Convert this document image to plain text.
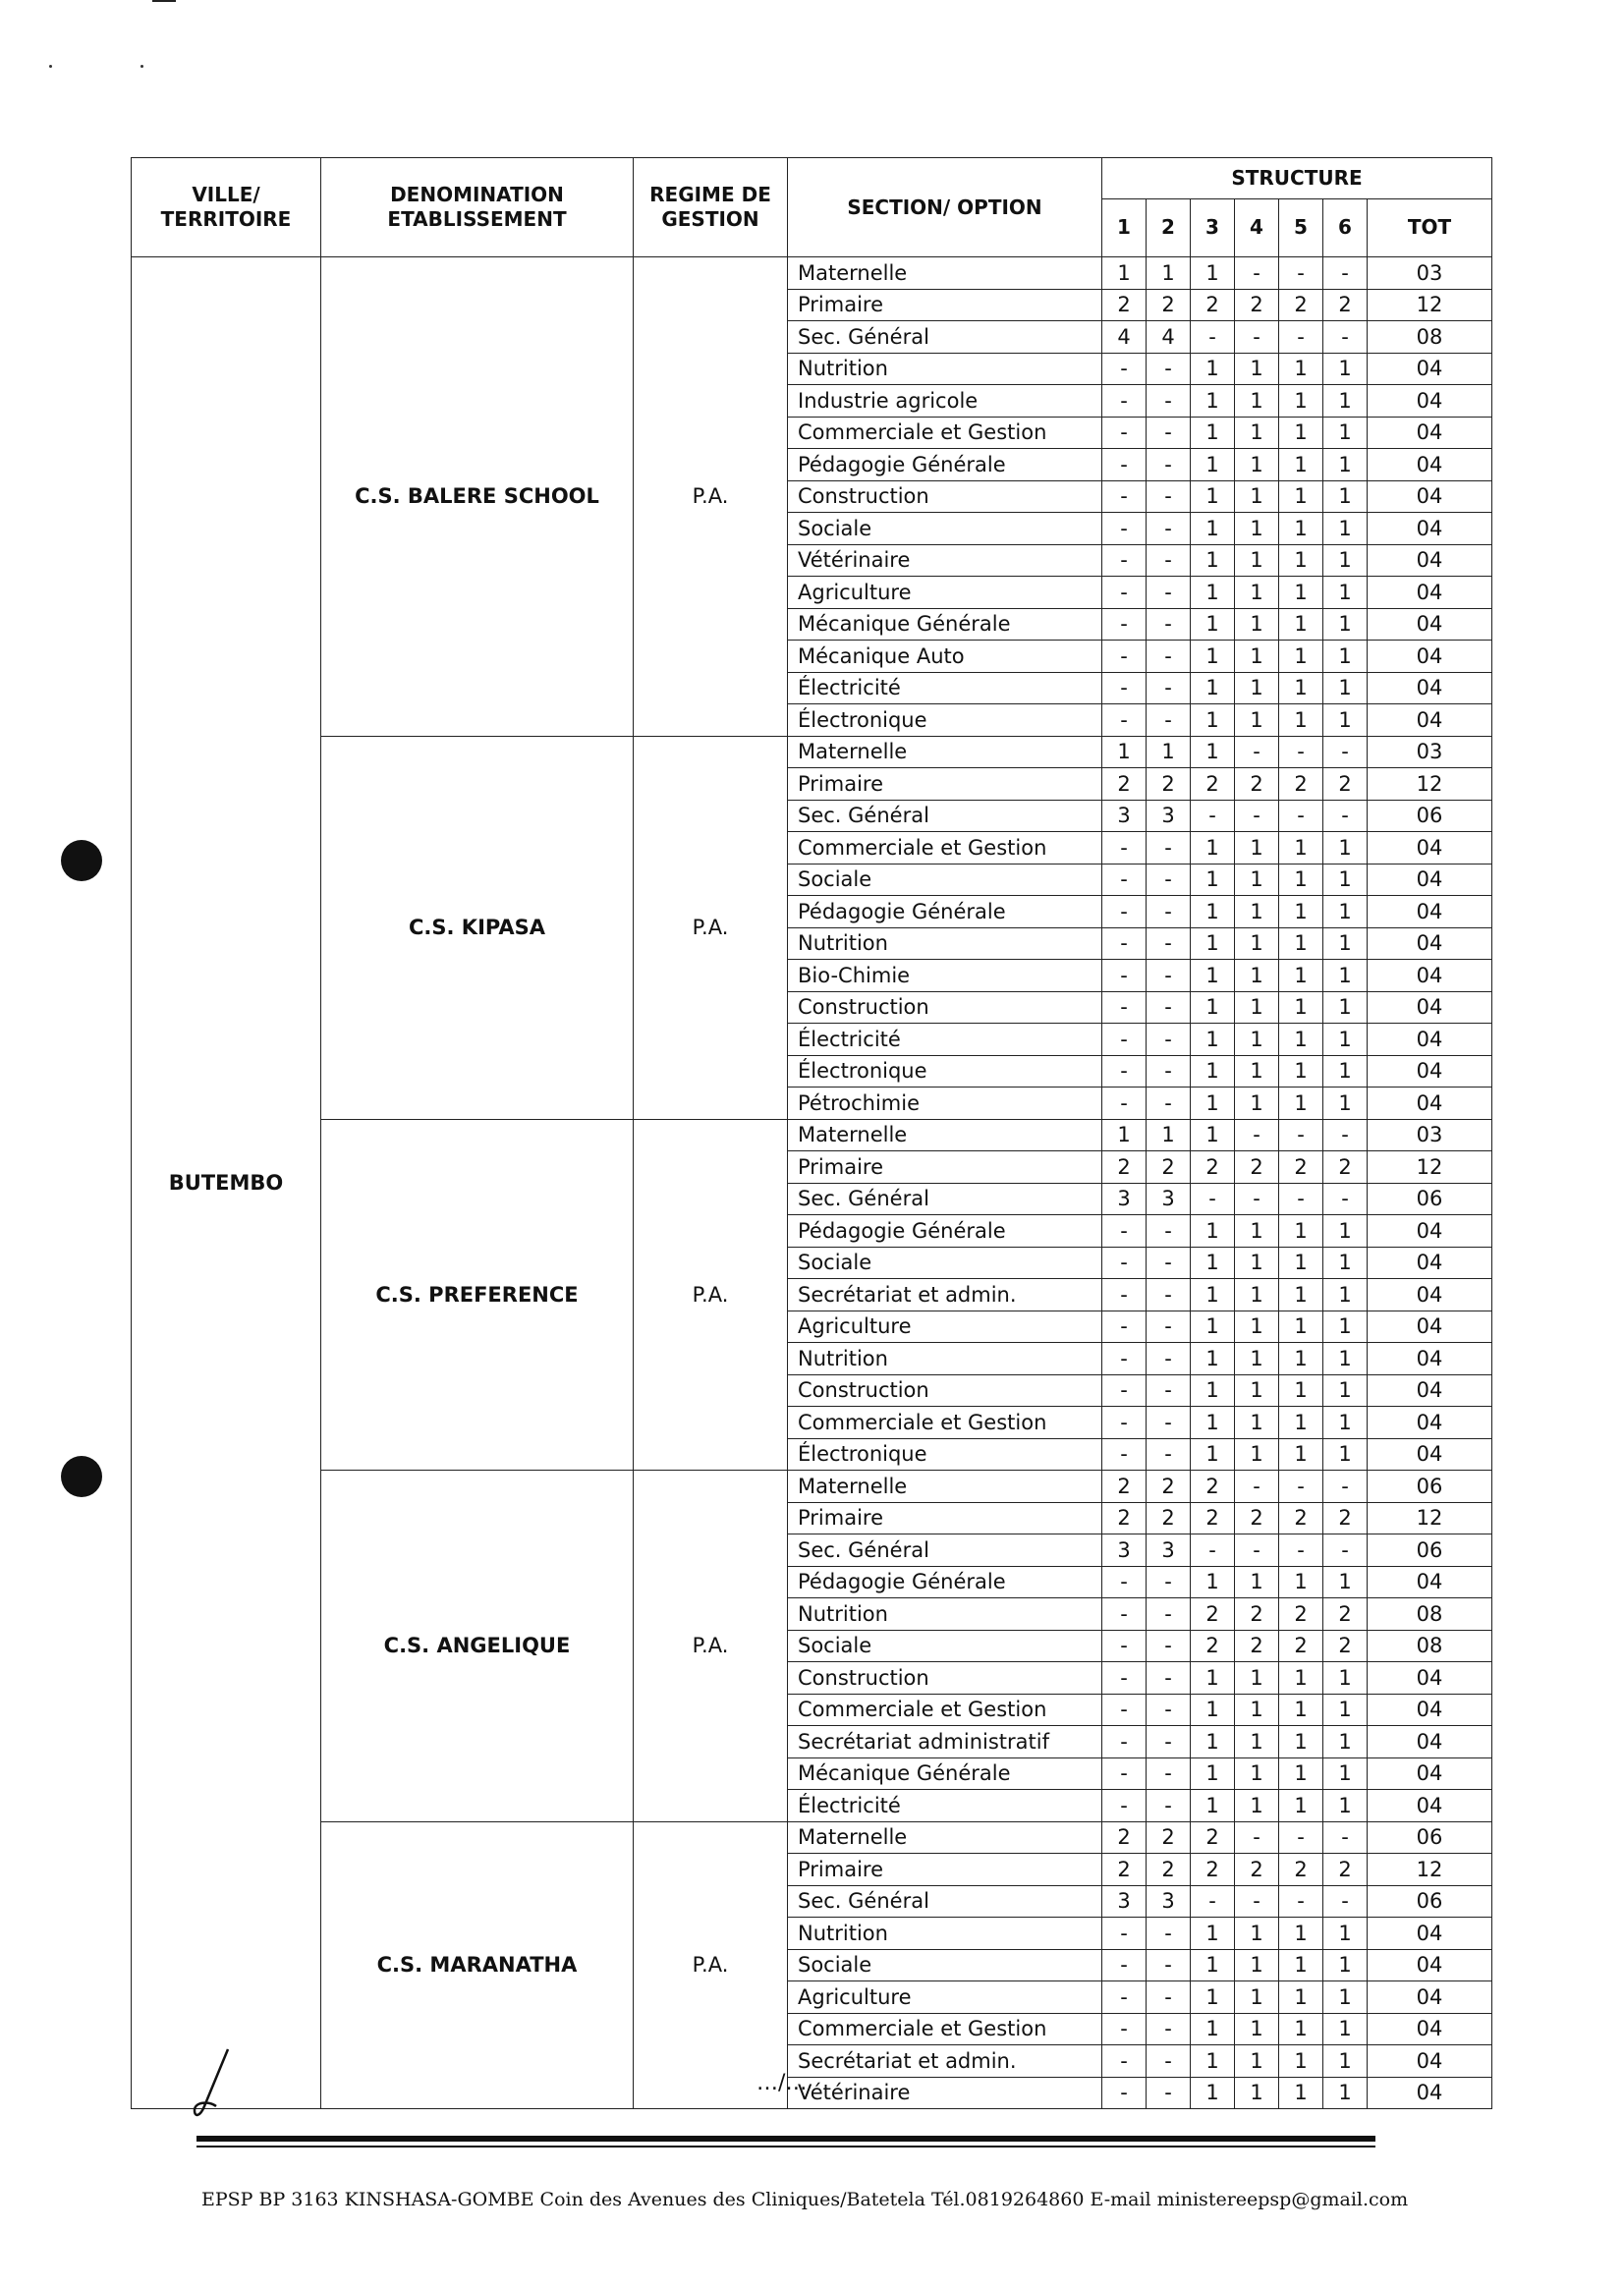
VILLE/ TERRITOIRE	DENOMINATION ETABLISSEMENT	REGIME DE GESTION	SECTION/ OPTION	STRUCTURE						
				1	2	3	4	5	6	TOT
BUTEMBO	C.S. BALERE SCHOOL	P.A.	Maternelle	1	1	1	-	-	-	03
			Primaire	2	2	2	2	2	2	12
			Sec. Général	4	4	-	-	-	-	08
			Nutrition	-	-	1	1	1	1	04
			Industrie agricole	-	-	1	1	1	1	04
			Commerciale et Gestion	-	-	1	1	1	1	04
			Pédagogie Générale	-	-	1	1	1	1	04
			Construction	-	-	1	1	1	1	04
			Sociale	-	-	1	1	1	1	04
			Vétérinaire	-	-	1	1	1	1	04
			Agriculture	-	-	1	1	1	1	04
			Mécanique Générale	-	-	1	1	1	1	04
			Mécanique Auto	-	-	1	1	1	1	04
			Électricité	-	-	1	1	1	1	04
			Électronique	-	-	1	1	1	1	04
	C.S. KIPASA	P.A.	Maternelle	1	1	1	-	-	-	03
			Primaire	2	2	2	2	2	2	12
			Sec. Général	3	3	-	-	-	-	06
			Commerciale et Gestion	-	-	1	1	1	1	04
			Sociale	-	-	1	1	1	1	04
			Pédagogie Générale	-	-	1	1	1	1	04
			Nutrition	-	-	1	1	1	1	04
			Bio-Chimie	-	-	1	1	1	1	04
			Construction	-	-	1	1	1	1	04
			Électricité	-	-	1	1	1	1	04
			Électronique	-	-	1	1	1	1	04
			Pétrochimie	-	-	1	1	1	1	04
	C.S. PREFERENCE	P.A.	Maternelle	1	1	1	-	-	-	03
			Primaire	2	2	2	2	2	2	12
			Sec. Général	3	3	-	-	-	-	06
			Pédagogie Générale	-	-	1	1	1	1	04
			Sociale	-	-	1	1	1	1	04
			Secrétariat et admin.	-	-	1	1	1	1	04
			Agriculture	-	-	1	1	1	1	04
			Nutrition	-	-	1	1	1	1	04
			Construction	-	-	1	1	1	1	04
			Commerciale et Gestion	-	-	1	1	1	1	04
			Électronique	-	-	1	1	1	1	04
	C.S. ANGELIQUE	P.A.	Maternelle	2	2	2	-	-	-	06
			Primaire	2	2	2	2	2	2	12
			Sec. Général	3	3	-	-	-	-	06
			Pédagogie Générale	-	-	1	1	1	1	04
			Nutrition	-	-	2	2	2	2	08
			Sociale	-	-	2	2	2	2	08
			Construction	-	-	1	1	1	1	04
			Commerciale et Gestion	-	-	1	1	1	1	04
			Secrétariat administratif	-	-	1	1	1	1	04
			Mécanique Générale	-	-	1	1	1	1	04
			Électricité	-	-	1	1	1	1	04
	C.S. MARANATHA	P.A.	Maternelle	2	2	2	-	-	-	06
			Primaire	2	2	2	2	2	2	12
			Sec. Général	3	3	-	-	-	-	06
			Nutrition	-	-	1	1	1	1	04
			Sociale	-	-	1	1	1	1	04
			Agriculture	-	-	1	1	1	1	04
			Commerciale et Gestion	-	-	1	1	1	1	04
			Secrétariat et admin.	-	-	1	1	1	1	04
			Vétérinaire	-	-	1	1	1	1	04
…/…
EPSP BP 3163 KINSHASA-GOMBE Coin des Avenues des Cliniques/Batetela Tél.0819264860 E-mail ministereepsp@gmail.com
